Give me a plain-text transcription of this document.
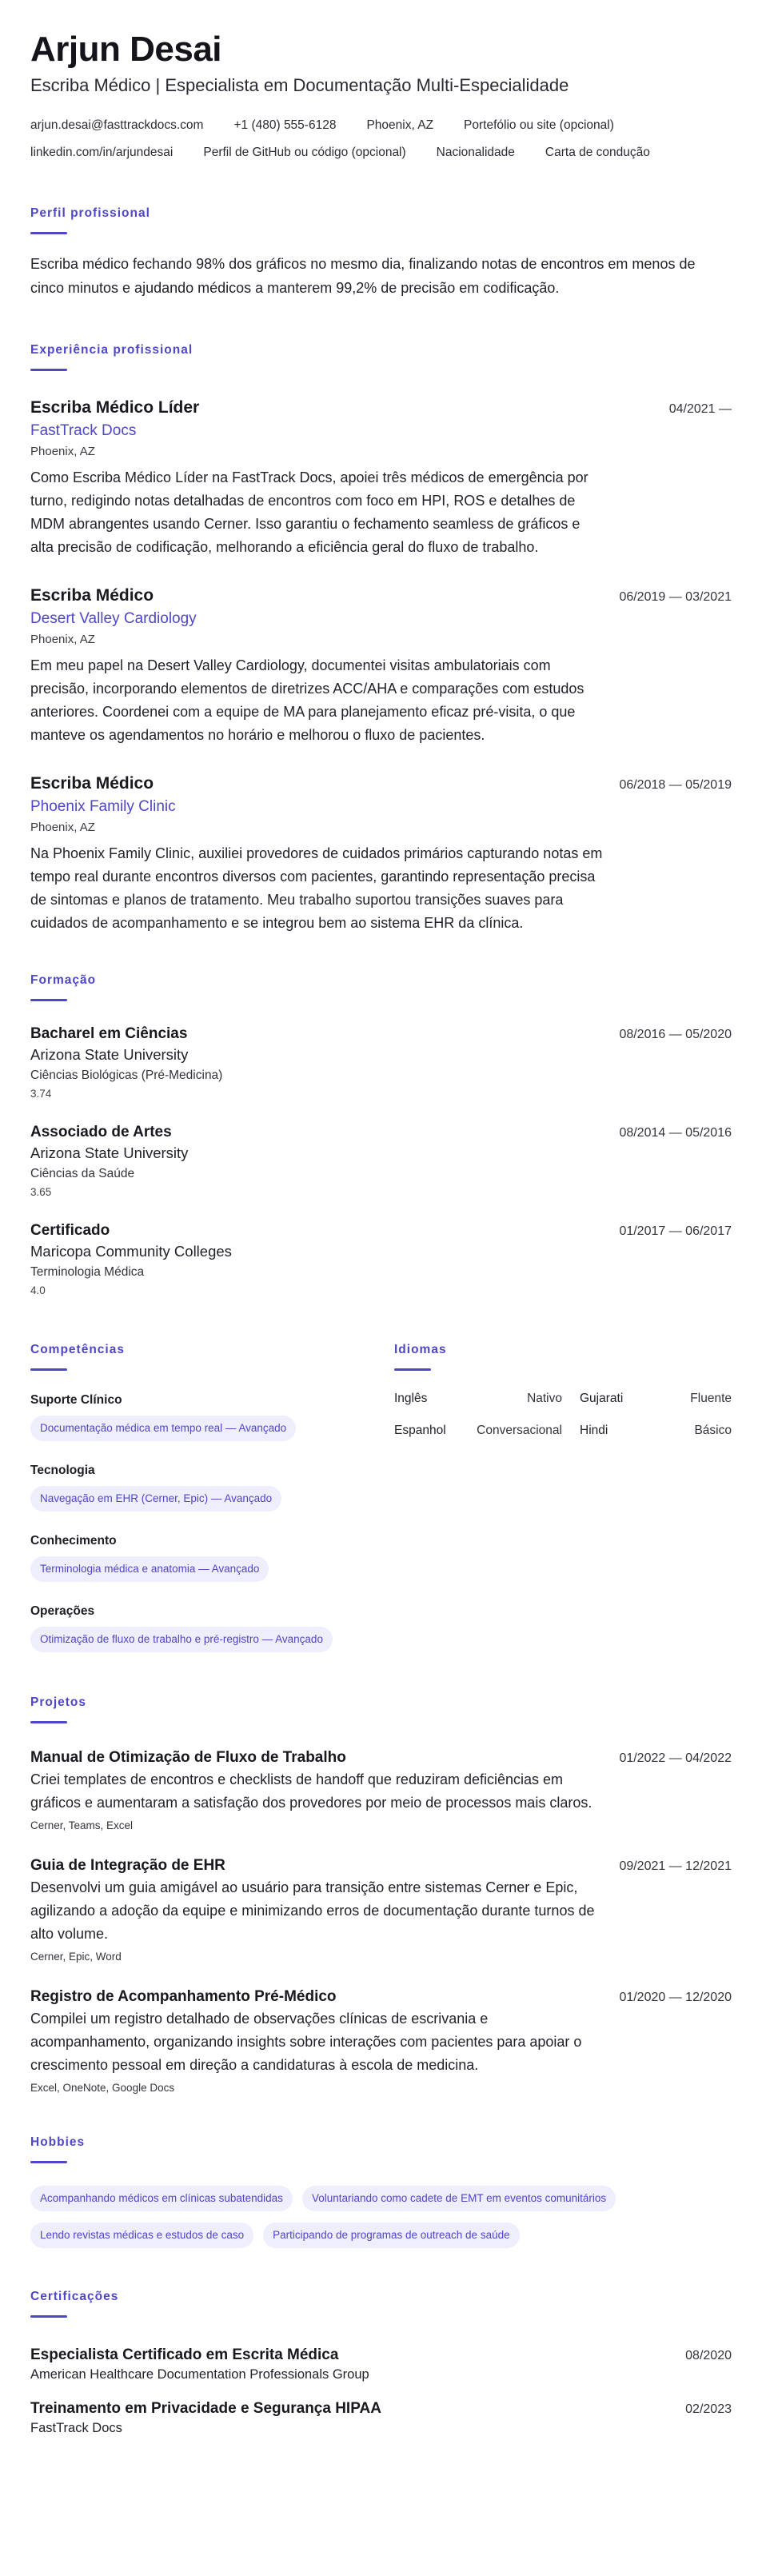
Arjun Desai
Escriba Médico | Especialista em Documentação Multi-Especialidade
arjun.desai@fasttrackdocs.com +1 (480) 555-6128 Phoenix, AZ Portefólio ou site (opcional)
linkedin.com/in/arjundesai Perfil de GitHub ou código (opcional) Nacionalidade Carta de condução
Perfil profissional
Escriba médico fechando 98% dos gráficos no mesmo dia, finalizando notas de encontros em menos de cinco minutos e ajudando médicos a manterem 99,2% de precisão em codificação.
Experiência profissional
Escriba Médico Líder	04/2021 —
FastTrack Docs
Phoenix, AZ
Como Escriba Médico Líder na FastTrack Docs, apoiei três médicos de emergência por turno, redigindo notas detalhadas de encontros com foco em HPI, ROS e detalhes de MDM abrangentes usando Cerner. Isso garantiu o fechamento seamless de gráficos e alta precisão de codificação, melhorando a eficiência geral do fluxo de trabalho.
Escriba Médico	06/2019 — 03/2021
Desert Valley Cardiology
Phoenix, AZ
Em meu papel na Desert Valley Cardiology, documentei visitas ambulatoriais com precisão, incorporando elementos de diretrizes ACC/AHA e comparações com estudos anteriores. Coordenei com a equipe de MA para planejamento eficaz pré-visita, o que manteve os agendamentos no horário e melhorou o fluxo de pacientes.
Escriba Médico	06/2018 — 05/2019
Phoenix Family Clinic
Phoenix, AZ
Na Phoenix Family Clinic, auxiliei provedores de cuidados primários capturando notas em tempo real durante encontros diversos com pacientes, garantindo representação precisa de sintomas e planos de tratamento. Meu trabalho suportou transições suaves para cuidados de acompanhamento e se integrou bem ao sistema EHR da clínica.
Formação
Bacharel em Ciências	08/2016 — 05/2020
Arizona State University
Ciências Biológicas (Pré-Medicina)
3.74
Associado de Artes	08/2014 — 05/2016
Arizona State University
Ciências da Saúde
3.65
Certificado	01/2017 — 06/2017
Maricopa Community Colleges
Terminologia Médica
4.0
Competências
Suporte Clínico
Documentação médica em tempo real — Avançado
Tecnologia
Navegação em EHR (Cerner, Epic) — Avançado
Conhecimento
Terminologia médica e anatomia — Avançado
Operações
Otimização de fluxo de trabalho e pré-registro — Avançado
Idiomas
Inglês	Nativo	Gujarati	Fluente
Espanhol	Conversacional	Hindi	Básico
Projetos
Manual de Otimização de Fluxo de Trabalho	01/2022 — 04/2022
Criei templates de encontros e checklists de handoff que reduziram deficiências em gráficos e aumentaram a satisfação dos provedores por meio de processos mais claros.
Cerner, Teams, Excel
Guia de Integração de EHR	09/2021 — 12/2021
Desenvolvi um guia amigável ao usuário para transição entre sistemas Cerner e Epic, agilizando a adoção da equipe e minimizando erros de documentação durante turnos de alto volume.
Cerner, Epic, Word
Registro de Acompanhamento Pré-Médico	01/2020 — 12/2020
Compilei um registro detalhado de observações clínicas de escrivania e acompanhamento, organizando insights sobre interações com pacientes para apoiar o crescimento pessoal em direção a candidaturas à escola de medicina.
Excel, OneNote, Google Docs
Hobbies
Acompanhando médicos em clínicas subatendidas	Voluntariando como cadete de EMT em eventos comunitários
Lendo revistas médicas e estudos de caso	Participando de programas de outreach de saúde
Certificações
Especialista Certificado em Escrita Médica	08/2020
American Healthcare Documentation Professionals Group
Treinamento em Privacidade e Segurança HIPAA	02/2023
FastTrack Docs
